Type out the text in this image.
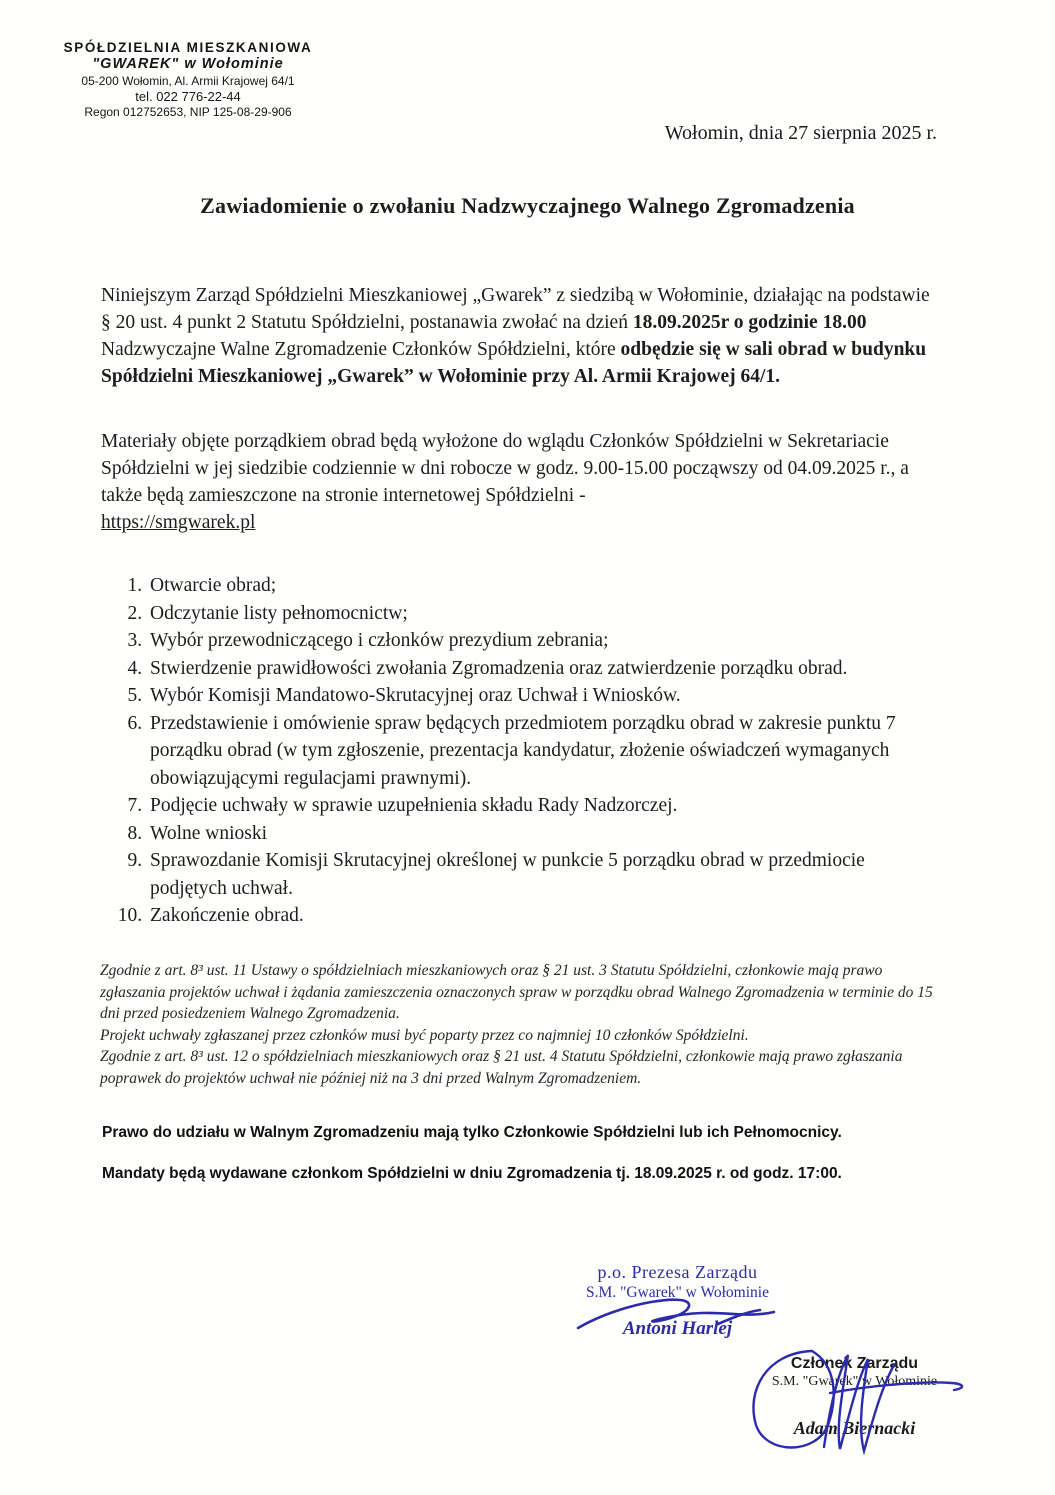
SPÓŁDZIELNIA MIESZKANIOWA
"GWAREK" w Wołominie
05-200 Wołomin, Al. Armii Krajowej 64/1
tel. 022 776-22-44
Regon 012752653, NIP 125-08-29-906
Wołomin, dnia 27 sierpnia 2025 r.
Zawiadomienie o zwołaniu Nadzwyczajnego Walnego Zgromadzenia
Niniejszym Zarząd Spółdzielni Mieszkaniowej „Gwarek” z siedzibą w Wołominie, działając na podstawie § 20 ust. 4 punkt 2 Statutu Spółdzielni, postanawia zwołać na dzień 18.09.2025r o godzinie 18.00 Nadzwyczajne Walne Zgromadzenie Członków Spółdzielni, które odbędzie się w sali obrad w budynku Spółdzielni Mieszkaniowej „Gwarek” w Wołominie przy Al. Armii Krajowej 64/1.
Materiały objęte porządkiem obrad będą wyłożone do wglądu Członków Spółdzielni w Sekretariacie Spółdzielni w jej siedzibie codziennie w dni robocze w godz. 9.00-15.00 począwszy od 04.09.2025 r., a także będą zamieszczone na stronie internetowej Spółdzielni -
https://smgwarek.pl
1. Otwarcie obrad;
2. Odczytanie listy pełnomocnictw;
3. Wybór przewodniczącego i członków prezydium zebrania;
4. Stwierdzenie prawidłowości zwołania Zgromadzenia oraz zatwierdzenie porządku obrad.
5. Wybór Komisji Mandatowo-Skrutacyjnej oraz Uchwał i Wniosków.
6. Przedstawienie i omówienie spraw będących przedmiotem porządku obrad w zakresie punktu 7 porządku obrad (w tym zgłoszenie, prezentacja kandydatur, złożenie oświadczeń wymaganych obowiązującymi regulacjami prawnymi).
7. Podjęcie uchwały w sprawie uzupełnienia składu Rady Nadzorczej.
8. Wolne wnioski
9. Sprawozdanie Komisji Skrutacyjnej określonej w punkcie 5 porządku obrad w przedmiocie podjętych uchwał.
10. Zakończenie obrad.

Zgodnie z art. 8³ ust. 11 Ustawy o spółdzielniach mieszkaniowych oraz § 21 ust. 3 Statutu Spółdzielni, członkowie mają prawo zgłaszania projektów uchwał i żądania zamieszczenia oznaczonych spraw w porządku obrad Walnego Zgromadzenia w terminie do 15 dni przed posiedzeniem Walnego Zgromadzenia.

Projekt uchwały zgłaszanej przez członków musi być poparty przez co najmniej 10 członków Spółdzielni.

Zgodnie z art. 8³ ust. 12 o spółdzielniach mieszkaniowych oraz § 21 ust. 4 Statutu Spółdzielni, członkowie mają prawo zgłaszania poprawek do projektów uchwał nie później niż na 3 dni przed Walnym Zgromadzeniem.

Prawo do udziału w Walnym Zgromadzeniu mają tylko Członkowie Spółdzielni lub ich Pełnomocnicy.
Mandaty będą wydawane członkom Spółdzielni w dniu Zgromadzenia tj. 18.09.2025 r. od godz. 17:00.
p.o. Prezesa Zarządu
S.M. "Gwarek" w Wołominie
Antoni Harlej
Członek Zarządu
S.M. "Gwarek" w Wołominie
Adam Biernacki
